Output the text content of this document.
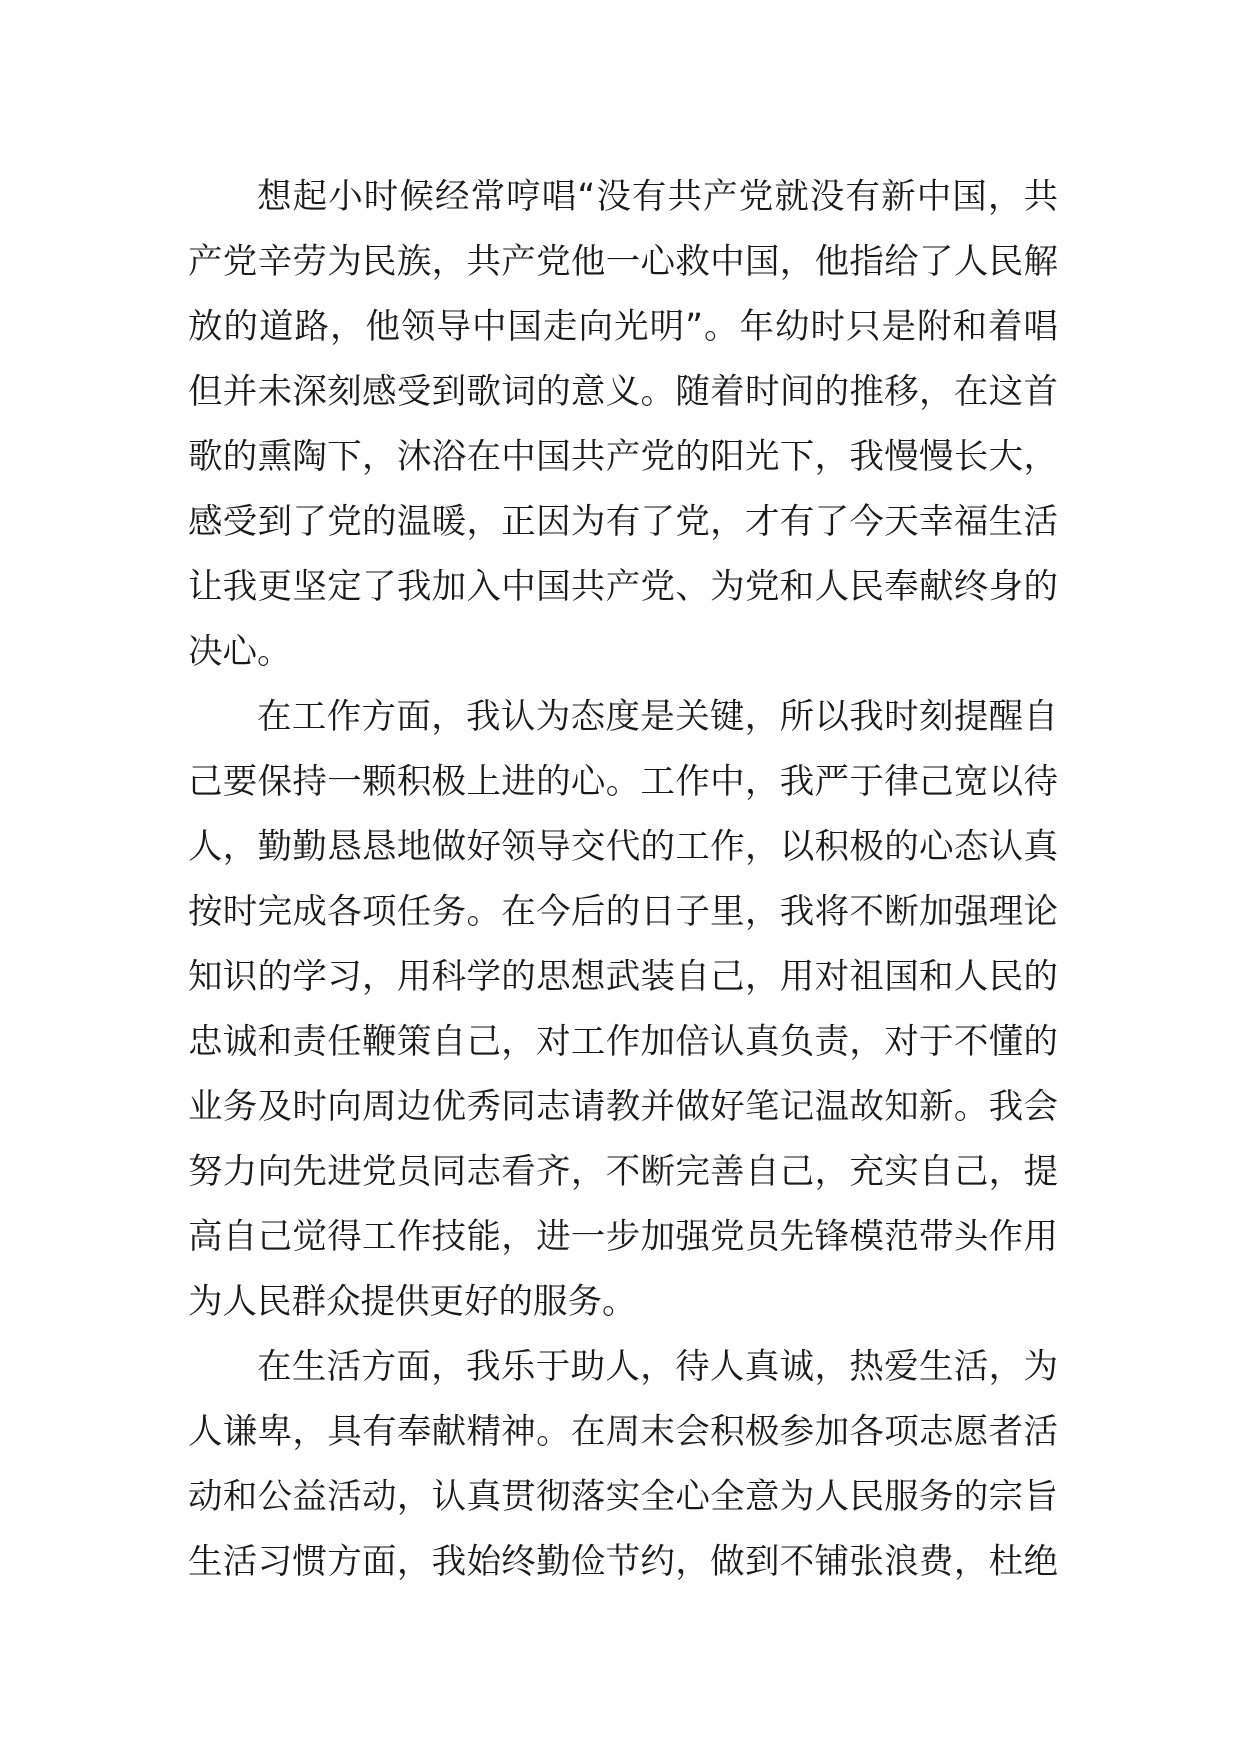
想起小时候经常哼唱“没有共产党就没有新中国，共
产党辛劳为民族，共产党他一心救中国，他指给了人民解
放的道路，他领导中国走向光明”。年幼时只是附和着唱
但并未深刻感受到歌词的意义。随着时间的推移，在这首
歌的熏陶下，沐浴在中国共产党的阳光下，我慢慢长大，
感受到了党的温暖，正因为有了党，才有了今天幸福生活
让我更坚定了我加入中国共产党、为党和人民奉献终身的
决心。
在工作方面，我认为态度是关键，所以我时刻提醒自
己要保持一颗积极上进的心。工作中，我严于律己宽以待
人，勤勤恳恳地做好领导交代的工作，以积极的心态认真
按时完成各项任务。在今后的日子里，我将不断加强理论
知识的学习，用科学的思想武装自己，用对祖国和人民的
忠诚和责任鞭策自己，对工作加倍认真负责，对于不懂的
业务及时向周边优秀同志请教并做好笔记温故知新。我会
努力向先进党员同志看齐，不断完善自己，充实自己，提
高自己觉得工作技能，进一步加强党员先锋模范带头作用
为人民群众提供更好的服务。
在生活方面，我乐于助人，待人真诚，热爱生活，为
人谦卑，具有奉献精神。在周末会积极参加各项志愿者活
动和公益活动，认真贯彻落实全心全意为人民服务的宗旨
生活习惯方面，我始终勤俭节约，做到不铺张浪费，杜绝
